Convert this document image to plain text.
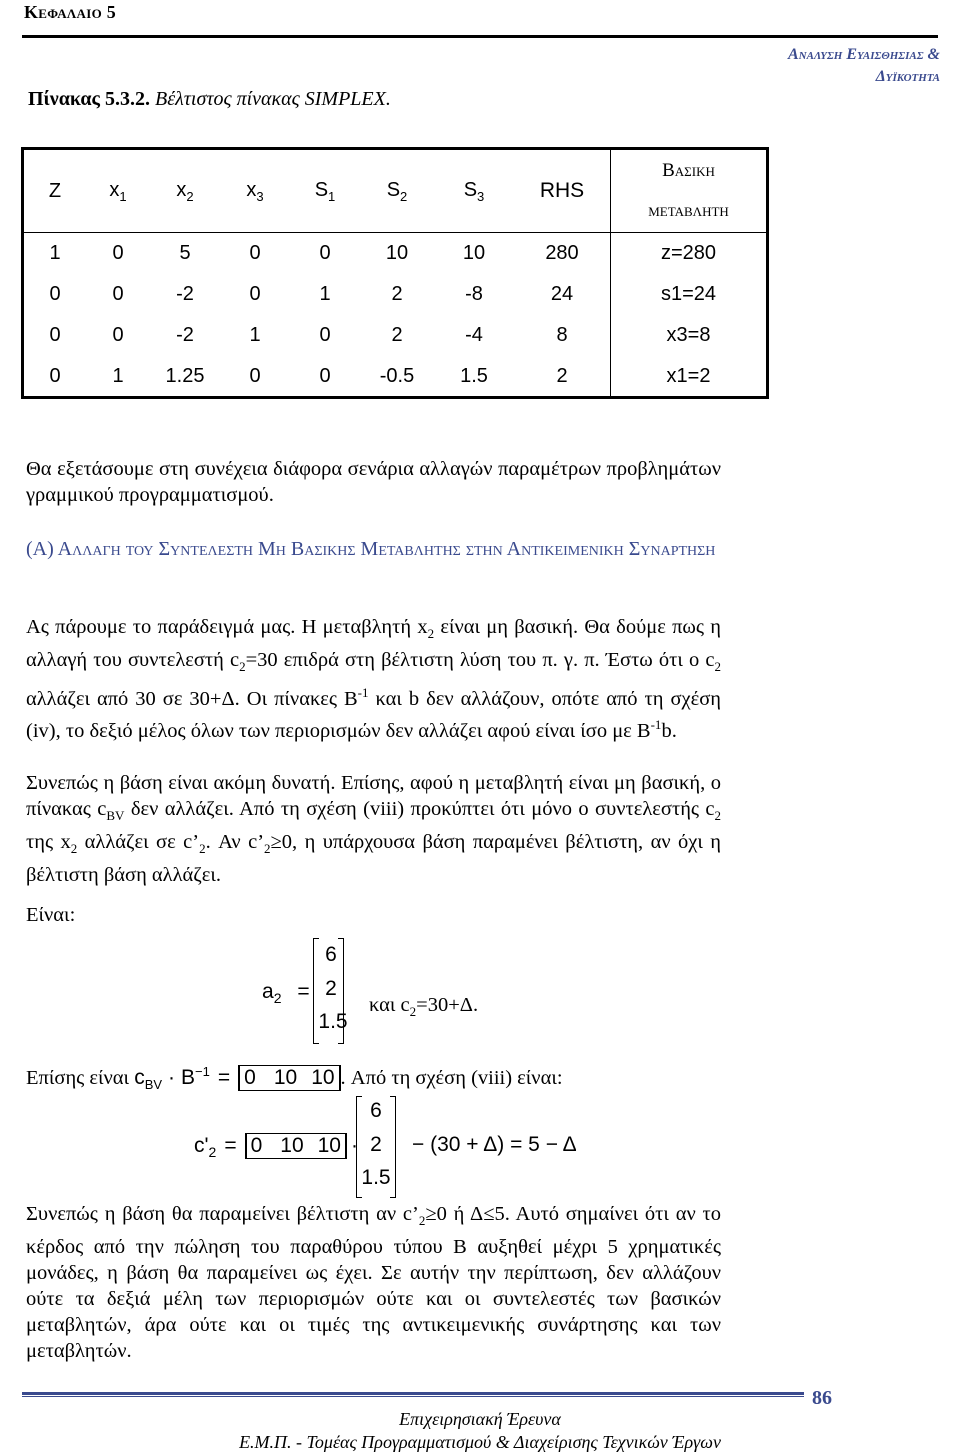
Κεφαλαιο 5
Αναλυση Ευαισθησιας &
Δυϊκοτητα
Πίνακας 5.3.2. Βέλτιστος πίνακας SIMPLEX.
Z	$x_1$	$x_2$	$x_3$	$S_1$	$S_2$	$S_3$	RHS	Βασικη
μεταβλητη

1	0	5	0	0	10	10	280	z=280
0	0	-2	0	1	2	-8	24	s1=24
0	0	-2	1	0	2	-4	8	x3=8
0	1	1.25	0	0	-0.5	1.5	2	x1=2

Θα εξετάσουμε στη συνέχεια διάφορα σενάρια αλλαγών παραμέτρων προβλημάτων γραμμικού προγραμματισμού.

(Α) Αλλαγη του Συντελεστη Μη Βασικης Μεταβλητης στην Αντικειμενικη Συναρτηση

Ας πάρουμε το παράδειγμά μας. Η μεταβλητή $x_2$ είναι μη βασική. Θα δούμε πως η αλλαγή του συντελεστή $c_2=30$ επιδρά στη βέλτιστη λύση του π. γ. π. Έστω ότι ο $c_2$ αλλάζει από 30 σε 30+Δ. Οι πίνακες $B^{-1}$ και b δεν αλλάζουν, οπότε από τη σχέση (iv), το δεξιό μέλος όλων των περιορισμών δεν αλλάζει αφού είναι ίσο με $B^{-1}b$.

Συνεπώς η βάση είναι ακόμη δυνατή. Επίσης, αφού η μεταβλητή είναι μη βασική, ο πίνακας $c_{BV}$ δεν αλλάζει. Από τη σχέση (viii) προκύπτει ότι μόνο ο συντελεστής $c_2$ της $x_2$ αλλάζει σε $c’_2$. Αν $c’_2\ge 0$, η υπάρχουσα βάση παραμένει βέλτιστη, αν όχι η βέλτιστη βάση αλλάζει.

Είναι:

$a_2$ =
6
2
1.5
και $c_2=30+\Delta$.
Επίσης είναι $c_{BV} \cdot B^{-1} = 0$ 10 10 . Από τη σχέση (viii) είναι:
$c'_2 = 0$ 10 10 ·
6
2
1.5
− (30 + Δ) = 5 − Δ

Συνεπώς η βάση θα παραμείνει βέλτιστη αν $c’_2\ge 0$ ή Δ≤5. Αυτό σημαίνει ότι αν το κέρδος από την πώληση του παραθύρου τύπου Β αυξηθεί μέχρι 5 χρηματικές μονάδες, η βάση θα παραμείνει ως έχει. Σε αυτήν την περίπτωση, δεν αλλάζουν ούτε τα δεξιά μέλη των περιορισμών ούτε και οι συντελεστές των βασικών μεταβλητών, άρα ούτε και οι τιμές της αντικειμενικής συνάρτησης και των μεταβλητών.

86
Επιχειρησιακή Έρευνα
Ε.Μ.Π. - Τομέας Προγραμματισμού & Διαχείρισης Τεχνικών Έργων
